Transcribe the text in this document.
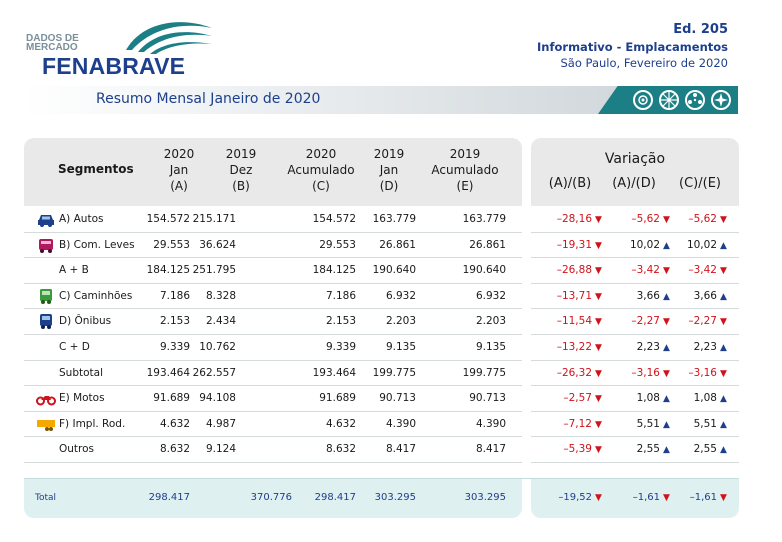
DADOS DE MERCADO
FENABRAVE
Ed. 205
Informativo - Emplacamentos
São Paulo, Fevereiro de 2020
Resumo Mensal Janeiro de 2020
Segmentos
2020
Jan
(A)
2019
Dez
(B)
2020
Acumulado
(C)
2019
Jan
(D)
2019
Acumulado
(E)
Variação
(A)/(B)	(A)/(D)	(C)/(E)
A) Autos	154.572 215.171	154.572	163.779	163.779	–28,16 ▼	–5,62 ▼	–5,62 ▼
B) Com. Leves	29.553 36.624	29.553	26.861	26.861	–19,31 ▼	10,02 ▲	10,02 ▲
A + B	184.125 251.795	184.125	190.640	190.640	–26,88 ▼	–3,42 ▼	–3,42 ▼
C) Caminhões	7.186	8.328	7.186	6.932	6.932	–13,71 ▼	3,66 ▲	3,66 ▲
D) Ônibus	2.153	2.434	2.153	2.203	2.203	–11,54 ▼	–2,27 ▼	–2,27 ▼
C + D	9.339 10.762	9.339	9.135	9.135	–13,22 ▼	2,23 ▲	2,23 ▲
Subtotal	193.464 262.557	193.464	199.775	199.775	–26,32 ▼	–3,16 ▼	–3,16 ▼
E) Motos	91.689 94.108	91.689	90.713	90.713	–2,57 ▼	1,08 ▲	1,08 ▲
F) Impl. Rod.	4.632	4.987	4.632	4.390	4.390	–7,12 ▼	5,51 ▲	5,51 ▲
Outros	8.632	9.124	8.632	8.417	8.417	–5,39 ▼	2,55 ▲	2,55 ▲
Total	298.417	370.776	298.417	303.295	303.295	–19,52 ▼	–1,61 ▼	–1,61 ▼
